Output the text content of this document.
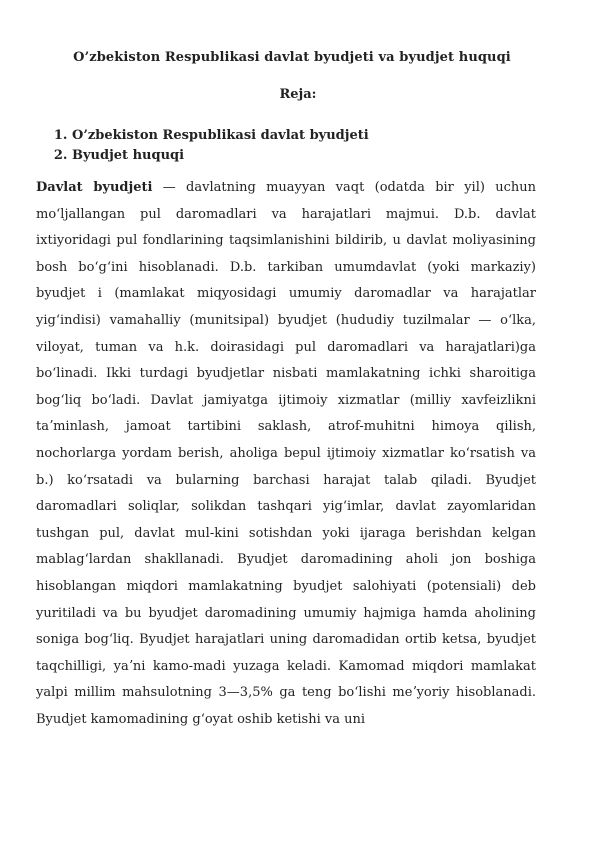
O’zbekiston Respublikasi davlat byudjeti va byudjet huquqi
Reja:
1. O’zbekiston Respublikasi davlat byudjeti
2. Byudjet huquqi

Davlat byudjeti — davlatning muayyan vaqt (odatda bir yil) uchun moʻljallangan pul daromadlari va harajatlari majmui. D.b. davlat ixtiyoridagi pul fondlarining taqsimlanishini bildirib, u davlat moliyasining bosh boʻgʻini hisoblanadi. D.b. tarkiban umumdavlat (yoki markaziy) byudjet i (mamlakat miqyosidagi umumiy daromadlar va harajatlar yigʻindisi) vamahalliy (munitsipal) byudjet (hududiy tuzilmalar — oʻlka, viloyat, tuman va h.k. doirasidagi pul daromadlari va harajatlari)ga boʻlinadi. Ikki turdagi byudjetlar nisbati mamlakatning ichki sharoitiga bogʻliq boʻladi. Davlat jamiyatga ijtimoiy xizmatlar (milliy xavfeizlikni taʼminlash, jamoat tartibini saklash, atrof-muhitni himoya qilish, nochorlarga yordam berish, aholiga bepul ijtimoiy xizmatlar koʻrsatish va b.) koʻrsatadi va bularning barchasi harajat talab qiladi. Byudjet daromadlari soliqlar, solikdan tashqari yigʻimlar, davlat zayomlaridan tushgan pul, davlat mul-kini sotishdan yoki ijaraga berishdan kelgan mablagʻlardan shakllanadi. Byudjet daromadining aholi jon boshiga hisoblangan miqdori mamlakatning byudjet salohiyati (potensiali) deb yuritiladi va bu byudjet daromadining umumiy hajmiga hamda aholining soniga bogʻliq. Byudjet harajatlari uning daromadidan ortib ketsa, byudjet taqchilligi, yaʼni kamo-madi yuzaga keladi. Kamomad miqdori mamlakat yalpi millim mahsulotning 3—3,5% ga teng boʻlishi meʼyoriy hisoblanadi. Byudjet kamomadining gʻoyat oshib ketishi va uni
